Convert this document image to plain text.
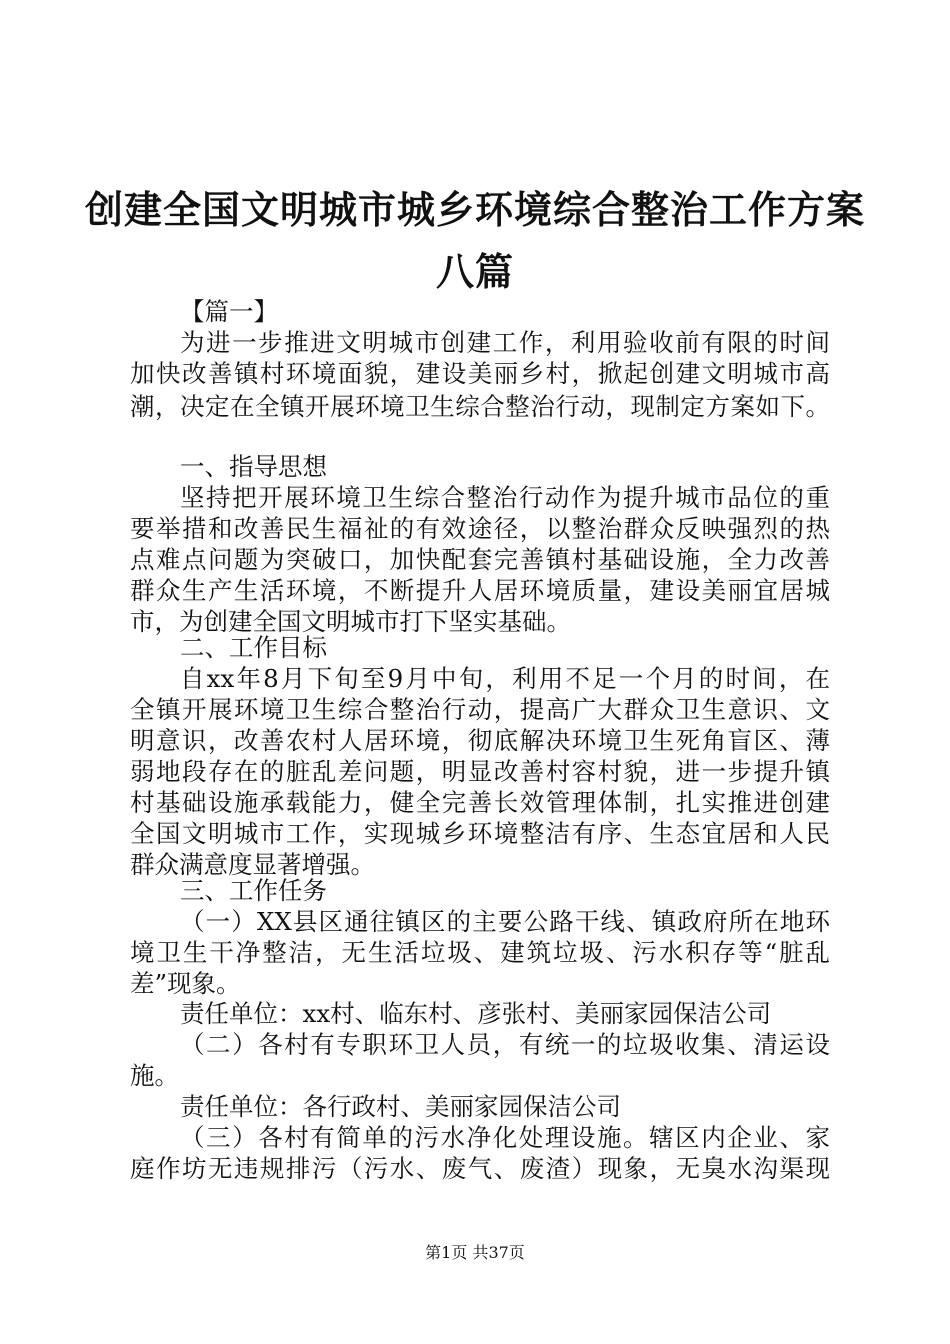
创建全国文明城市城乡环境综合整治工作方案
八篇
【篇一】
为进一步推进文明城市创建工作，利用验收前有限的时间
加快改善镇村环境面貌，建设美丽乡村，掀起创建文明城市高
潮，决定在全镇开展环境卫生综合整治行动，现制定方案如下。
一、指导思想
坚持把开展环境卫生综合整治行动作为提升城市品位的重
要举措和改善民生福祉的有效途径，以整治群众反映强烈的热
点难点问题为突破口，加快配套完善镇村基础设施，全力改善
群众生产生活环境，不断提升人居环境质量，建设美丽宜居城
市，为创建全国文明城市打下坚实基础。
二、工作目标
自xx年8月下旬至9月中旬，利用不足一个月的时间，在
全镇开展环境卫生综合整治行动，提高广大群众卫生意识、文
明意识，改善农村人居环境，彻底解决环境卫生死角盲区、薄
弱地段存在的脏乱差问题，明显改善村容村貌，进一步提升镇
村基础设施承载能力，健全完善长效管理体制，扎实推进创建
全国文明城市工作，实现城乡环境整洁有序、生态宜居和人民
群众满意度显著增强。
三、工作任务
（一）XX县区通往镇区的主要公路干线、镇政府所在地环
境卫生干净整洁，无生活垃圾、建筑垃圾、污水积存等“脏乱
差”现象。
责任单位：xx村、临东村、彦张村、美丽家园保洁公司
（二）各村有专职环卫人员，有统一的垃圾收集、清运设
施。
责任单位：各行政村、美丽家园保洁公司
（三）各村有简单的污水净化处理设施。辖区内企业、家
庭作坊无违规排污（污水、废气、废渣）现象，无臭水沟渠现
第1页 共37页
